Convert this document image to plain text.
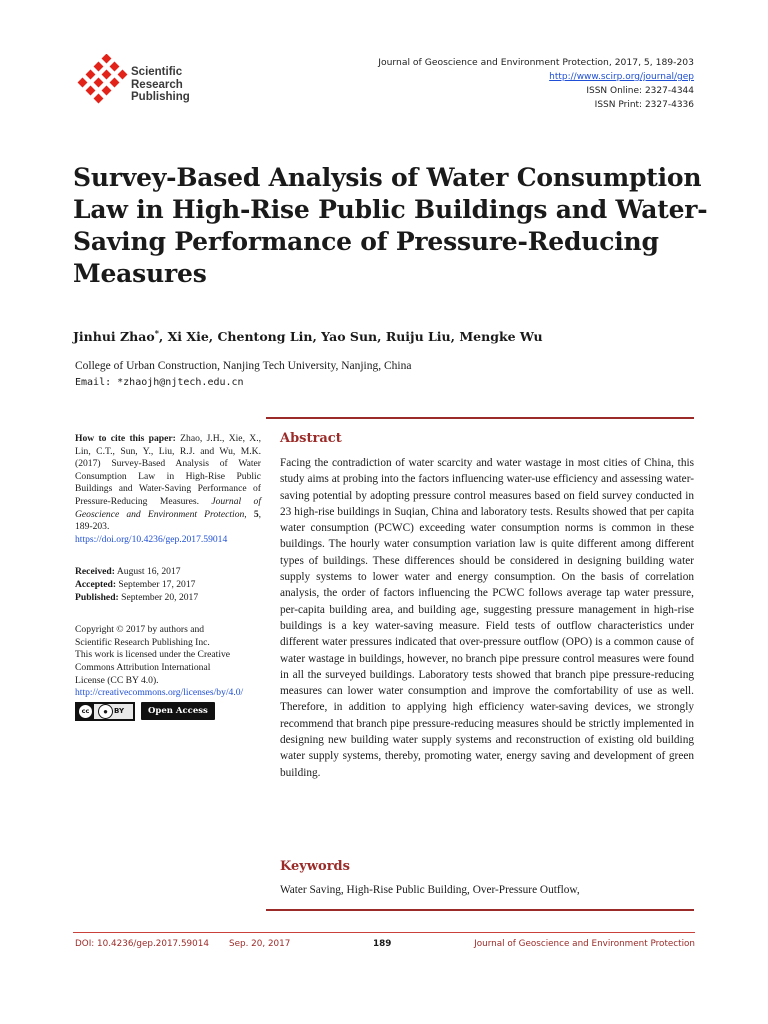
Scientific
Research
Publishing
Journal of Geoscience and Environment Protection, 2017, 5, 189-203
http://www.scirp.org/journal/gep
ISSN Online: 2327-4344
ISSN Print: 2327-4336
Survey-Based Analysis of Water Consumption Law in High-Rise Public Buildings and Water-Saving Performance of Pressure-Reducing Measures
Jinhui Zhao*, Xi Xie, Chentong Lin, Yao Sun, Ruiju Liu, Mengke Wu
College of Urban Construction, Nanjing Tech University, Nanjing, China
Email: *zhaojh@njtech.edu.cn
How to cite this paper: Zhao, J.H., Xie, X., Lin, C.T., Sun, Y., Liu, R.J. and Wu, M.K. (2017) Survey-Based Analysis of Water Consumption Law in High-Rise Public Buildings and Water-Saving Performance of Pressure-Reducing Measures. Journal of Geoscience and Environment Protection, 5, 189-203.
https://doi.org/10.4236/gep.2017.59014
Received: August 16, 2017
Accepted: September 17, 2017
Published: September 20, 2017
Copyright © 2017 by authors and
Scientific Research Publishing Inc.
This work is licensed under the Creative
Commons Attribution International
License (CC BY 4.0).
http://creativecommons.org/licenses/by/4.0/
cc	● BY	Open Access
Abstract
Facing the contradiction of water scarcity and water wastage in most cities of China, this study aims at probing into the factors influencing water-use efficiency and assessing water-saving potential by adopting pressure control measures based on field survey conducted in 23 high-rise buildings in Suqian, China and laboratory tests. Results showed that per capita water consumption (PCWC) exceeding water consumption norms is common in these buildings. The hourly water consumption variation law is quite different among different types of buildings. These differences should be considered in designing building water supply systems to lower water and energy consumption. On the basis of correlation analysis, the order of factors influencing the PCWC follows average tap water pressure, per-capita building area, and building age, suggesting pressure management in high-rise buildings is a key water-saving measure. Field tests of outflow characteristics under different water pressures indicated that over-pressure outflow (OPO) is a common cause of water wastage in buildings, however, no branch pipe pressure control measures were found in all the surveyed buildings. Laboratory tests showed that branch pipe pressure-reducing measures can lower water consumption and improve the comfortability of use as well. Therefore, in addition to applying high efficiency water-saving devices, we strongly recommend that branch pipe pressure-reducing measures should be strictly implemented in designing new building water supply systems and reconstruction of existing old building water supply systems, thereby, promoting water, energy saving and development of green building.
Keywords
Water Saving, High-Rise Public Building, Over-Pressure Outflow,
DOI: 10.4236/gep.2017.59014 Sep. 20, 2017	189	Journal of Geoscience and Environment Protection
